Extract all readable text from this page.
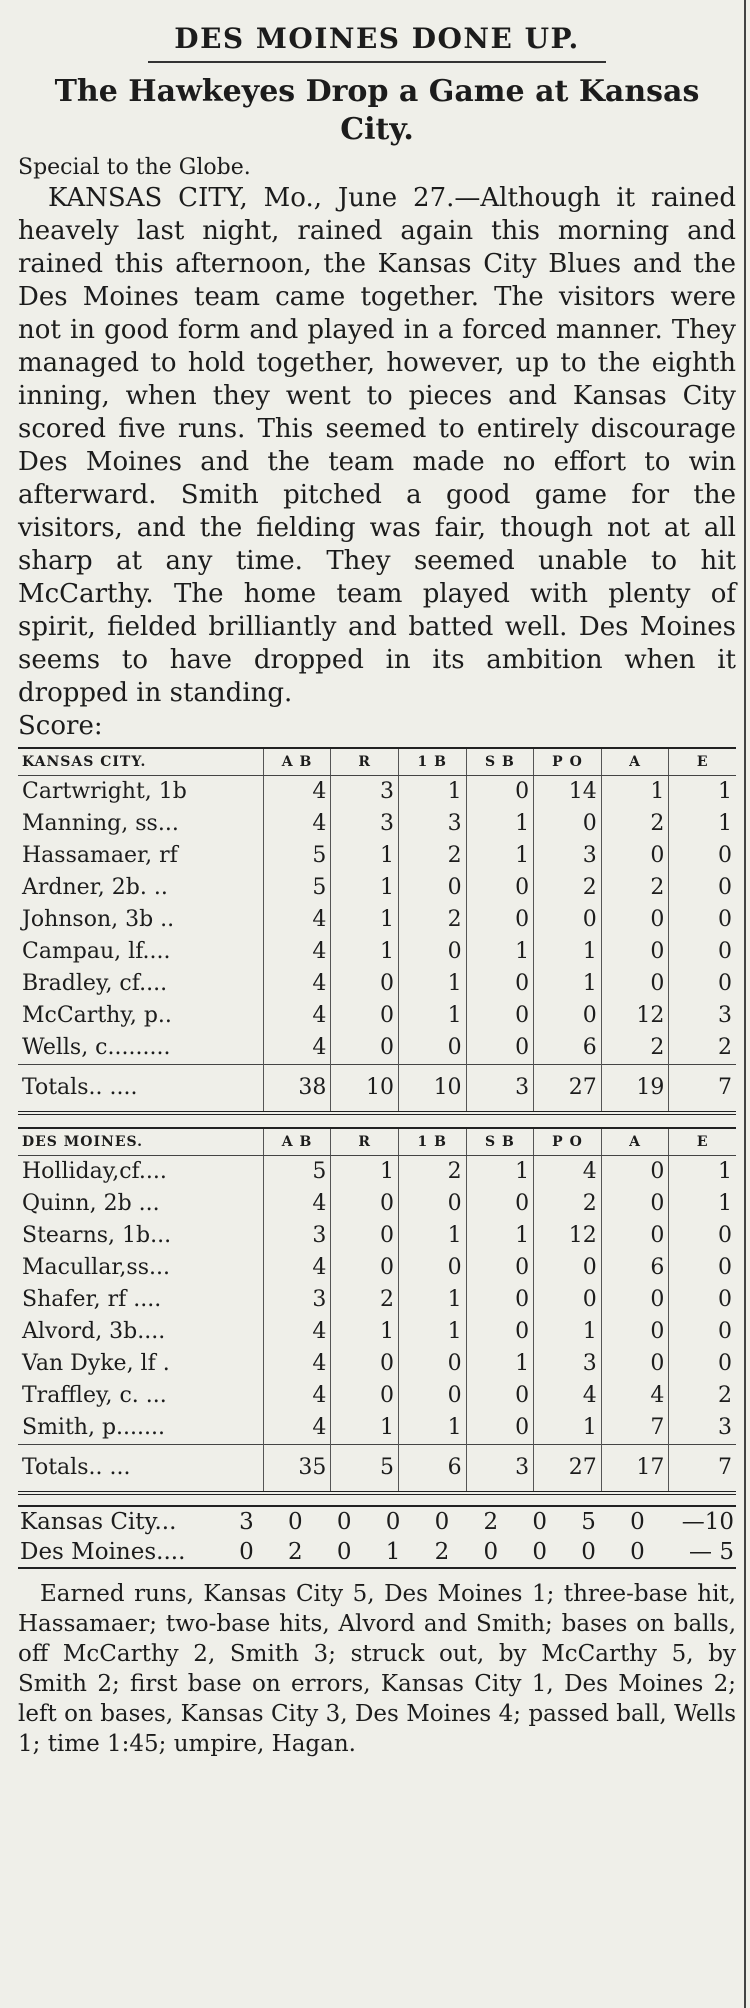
DES MOINES DONE UP.
The Hawkeyes Drop a Game at Kansas City.
Special to the Globe.

KANSAS CITY, Mo., June 27.—Although it rained heavely last night, rained again this morning and rained this afternoon, the Kansas City Blues and the Des Moines team came together. The visitors were not in good form and played in a forced manner. They managed to hold together, however, up to the eighth inning, when they went to pieces and Kansas City scored five runs. This seemed to entirely discourage Des Moines and the team made no effort to win afterward. Smith pitched a good game for the visitors, and the fielding was fair, though not at all sharp at any time. They seemed unable to hit McCarthy. The home team played with plenty of spirit, fielded brilliantly and batted well. Des Moines seems to have dropped in its ambition when it dropped in standing.

Score:
KANSAS CITY.	A B	R	1 B	S B	P O	A	E
Cartwright, 1b	4	3	1	0	14	1	1
Manning, ss...	4	3	3	1	0	2	1
Hassamaer, rf	5	1	2	1	3	0	0
Ardner, 2b. ..	5	1	0	0	2	2	0
Johnson, 3b ..	4	1	2	0	0	0	0
Campau, lf....	4	1	0	1	1	0	0
Bradley, cf....	4	0	1	0	1	0	0
McCarthy, p..	4	0	1	0	0	12	3
Wells, c.........	4	0	0	0	6	2	2
Totals.. ....	38	10	10	3	27	19	7
DES MOINES.	A B	R	1 B	S B	P O	A	E
Holliday,cf....	5	1	2	1	4	0	1
Quinn, 2b ...	4	0	0	0	2	0	1
Stearns, 1b...	3	0	1	1	12	0	0
Macullar,ss...	4	0	0	0	0	6	0
Shafer, rf ....	3	2	1	0	0	0	0
Alvord, 3b....	4	1	1	0	1	0	0
Van Dyke, lf .	4	0	0	1	3	0	0
Traffley, c. ...	4	0	0	0	4	4	2
Smith, p.......	4	1	1	0	1	7	3
Totals.. ...	35	5	6	3	27	17	7
Kansas City...	3	0	0	0	0	2	0	5	0	—10
Des Moines....	0	2	0	1	2	0	0	0	0	— 5

Earned runs, Kansas City 5, Des Moines 1; three-base hit, Hassamaer; two-base hits, Alvord and Smith; bases on balls, off McCarthy 2, Smith 3; struck out, by McCarthy 5, by Smith 2; first base on errors, Kansas City 1, Des Moines 2; left on bases, Kansas City 3, Des Moines 4; passed ball, Wells 1; time 1:45; umpire, Hagan.
